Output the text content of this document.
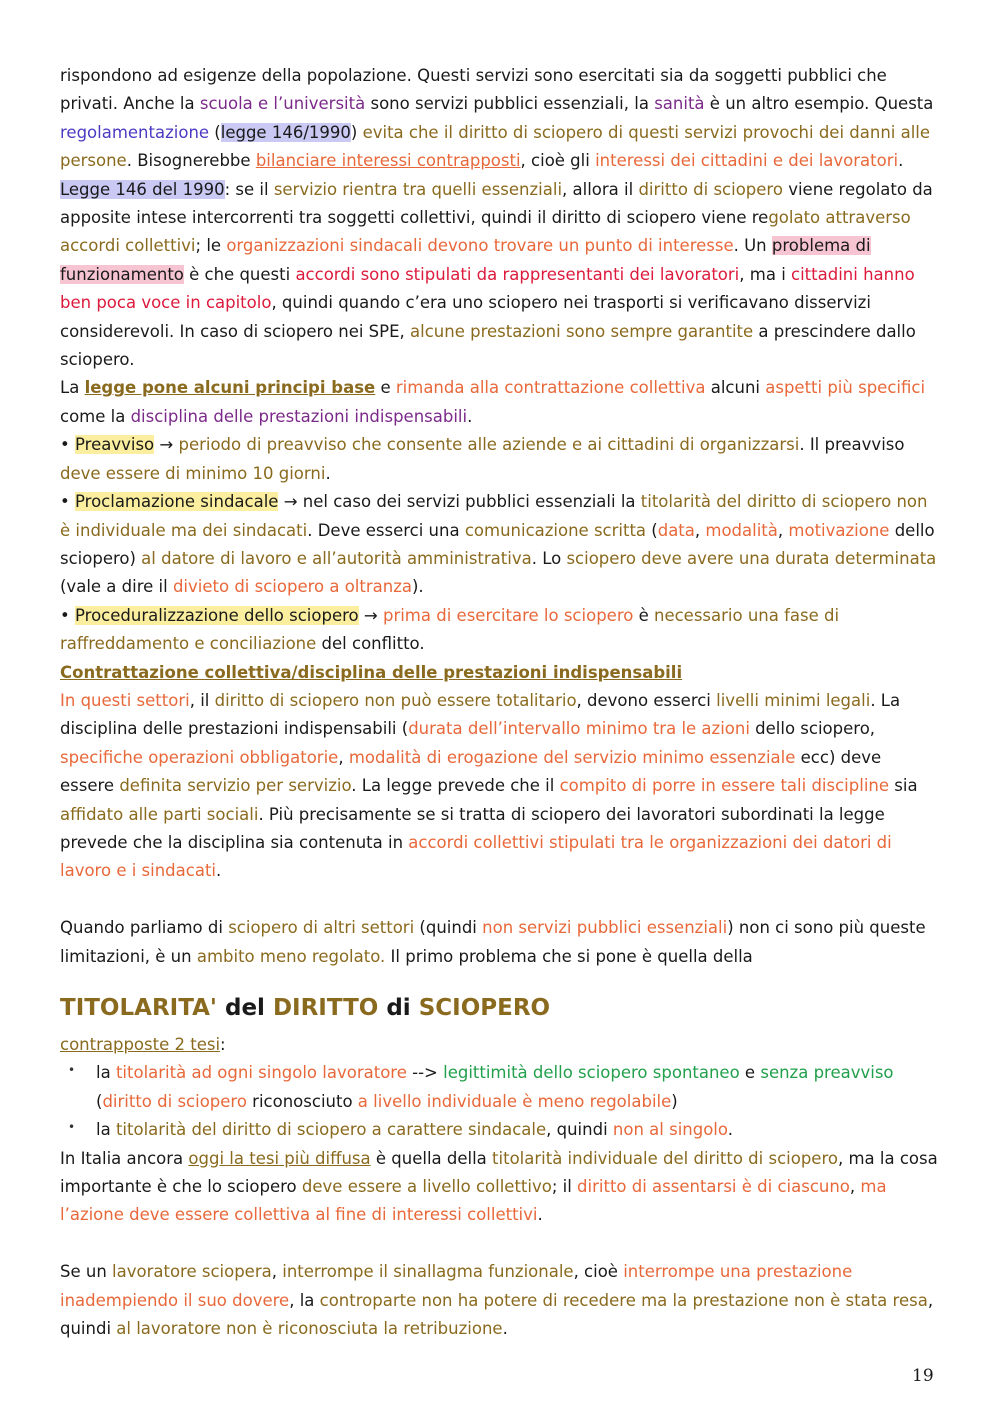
rispondono ad esigenze della popolazione. Questi servizi sono esercitati sia da soggetti pubblici che privati. Anche la scuola e l’università sono servizi pubblici essenziali, la sanità è un altro esempio. Questa regolamentazione (legge 146/1990) evita che il diritto di sciopero di questi servizi provochi dei danni alle persone. Bisognerebbe bilanciare interessi contrapposti, cioè gli interessi dei cittadini e dei lavoratori.

Legge 146 del 1990: se il servizio rientra tra quelli essenziali, allora il diritto di sciopero viene regolato da apposite intese intercorrenti tra soggetti collettivi, quindi il diritto di sciopero viene regolato attraverso accordi collettivi; le organizzazioni sindacali devono trovare un punto di interesse. Un problema di funzionamento è che questi accordi sono stipulati da rappresentanti dei lavoratori, ma i cittadini hanno ben poca voce in capitolo, quindi quando c’era uno sciopero nei trasporti si verificavano disservizi considerevoli. In caso di sciopero nei SPE, alcune prestazioni sono sempre garantite a prescindere dallo sciopero.

La legge pone alcuni principi base e rimanda alla contrattazione collettiva alcuni aspetti più specifici come la disciplina delle prestazioni indispensabili.

• Preavviso → periodo di preavviso che consente alle aziende e ai cittadini di organizzarsi. Il preavviso deve essere di minimo 10 giorni.

• Proclamazione sindacale → nel caso dei servizi pubblici essenziali la titolarità del diritto di sciopero non è individuale ma dei sindacati. Deve esserci una comunicazione scritta (data, modalità, motivazione dello sciopero) al datore di lavoro e all’autorità amministrativa. Lo sciopero deve avere una durata determinata (vale a dire il divieto di sciopero a oltranza).

• Proceduralizzazione dello sciopero → prima di esercitare lo sciopero è necessario una fase di raffreddamento e conciliazione del conflitto.

Contrattazione collettiva/disciplina delle prestazioni indispensabili

In questi settori, il diritto di sciopero non può essere totalitario, devono esserci livelli minimi legali. La disciplina delle prestazioni indispensabili (durata dell’intervallo minimo tra le azioni dello sciopero, specifiche operazioni obbligatorie, modalità di erogazione del servizio minimo essenziale ecc) deve essere definita servizio per servizio. La legge prevede che il compito di porre in essere tali discipline sia affidato alle parti sociali. Più precisamente se si tratta di sciopero dei lavoratori subordinati la legge prevede che la disciplina sia contenuta in accordi collettivi stipulati tra le organizzazioni dei datori di lavoro e i sindacati.

Quando parliamo di sciopero di altri settori (quindi non servizi pubblici essenziali) non ci sono più queste limitazioni, è un ambito meno regolato. Il primo problema che si pone è quella della

TITOLARITA' del DIRITTO di SCIOPERO

contrapposte 2 tesi:

• la titolarità ad ogni singolo lavoratore --> legittimità dello sciopero spontaneo e senza preavviso (diritto di sciopero riconosciuto a livello individuale è meno regolabile)
• la titolarità del diritto di sciopero a carattere sindacale, quindi non al singolo.

In Italia ancora oggi la tesi più diffusa è quella della titolarità individuale del diritto di sciopero, ma la cosa importante è che lo sciopero deve essere a livello collettivo; il diritto di assentarsi è di ciascuno, ma l’azione deve essere collettiva al fine di interessi collettivi.

Se un lavoratore sciopera, interrompe il sinallagma funzionale, cioè interrompe una prestazione inadempiendo il suo dovere, la controparte non ha potere di recedere ma la prestazione non è stata resa, quindi al lavoratore non è riconosciuta la retribuzione.

19
